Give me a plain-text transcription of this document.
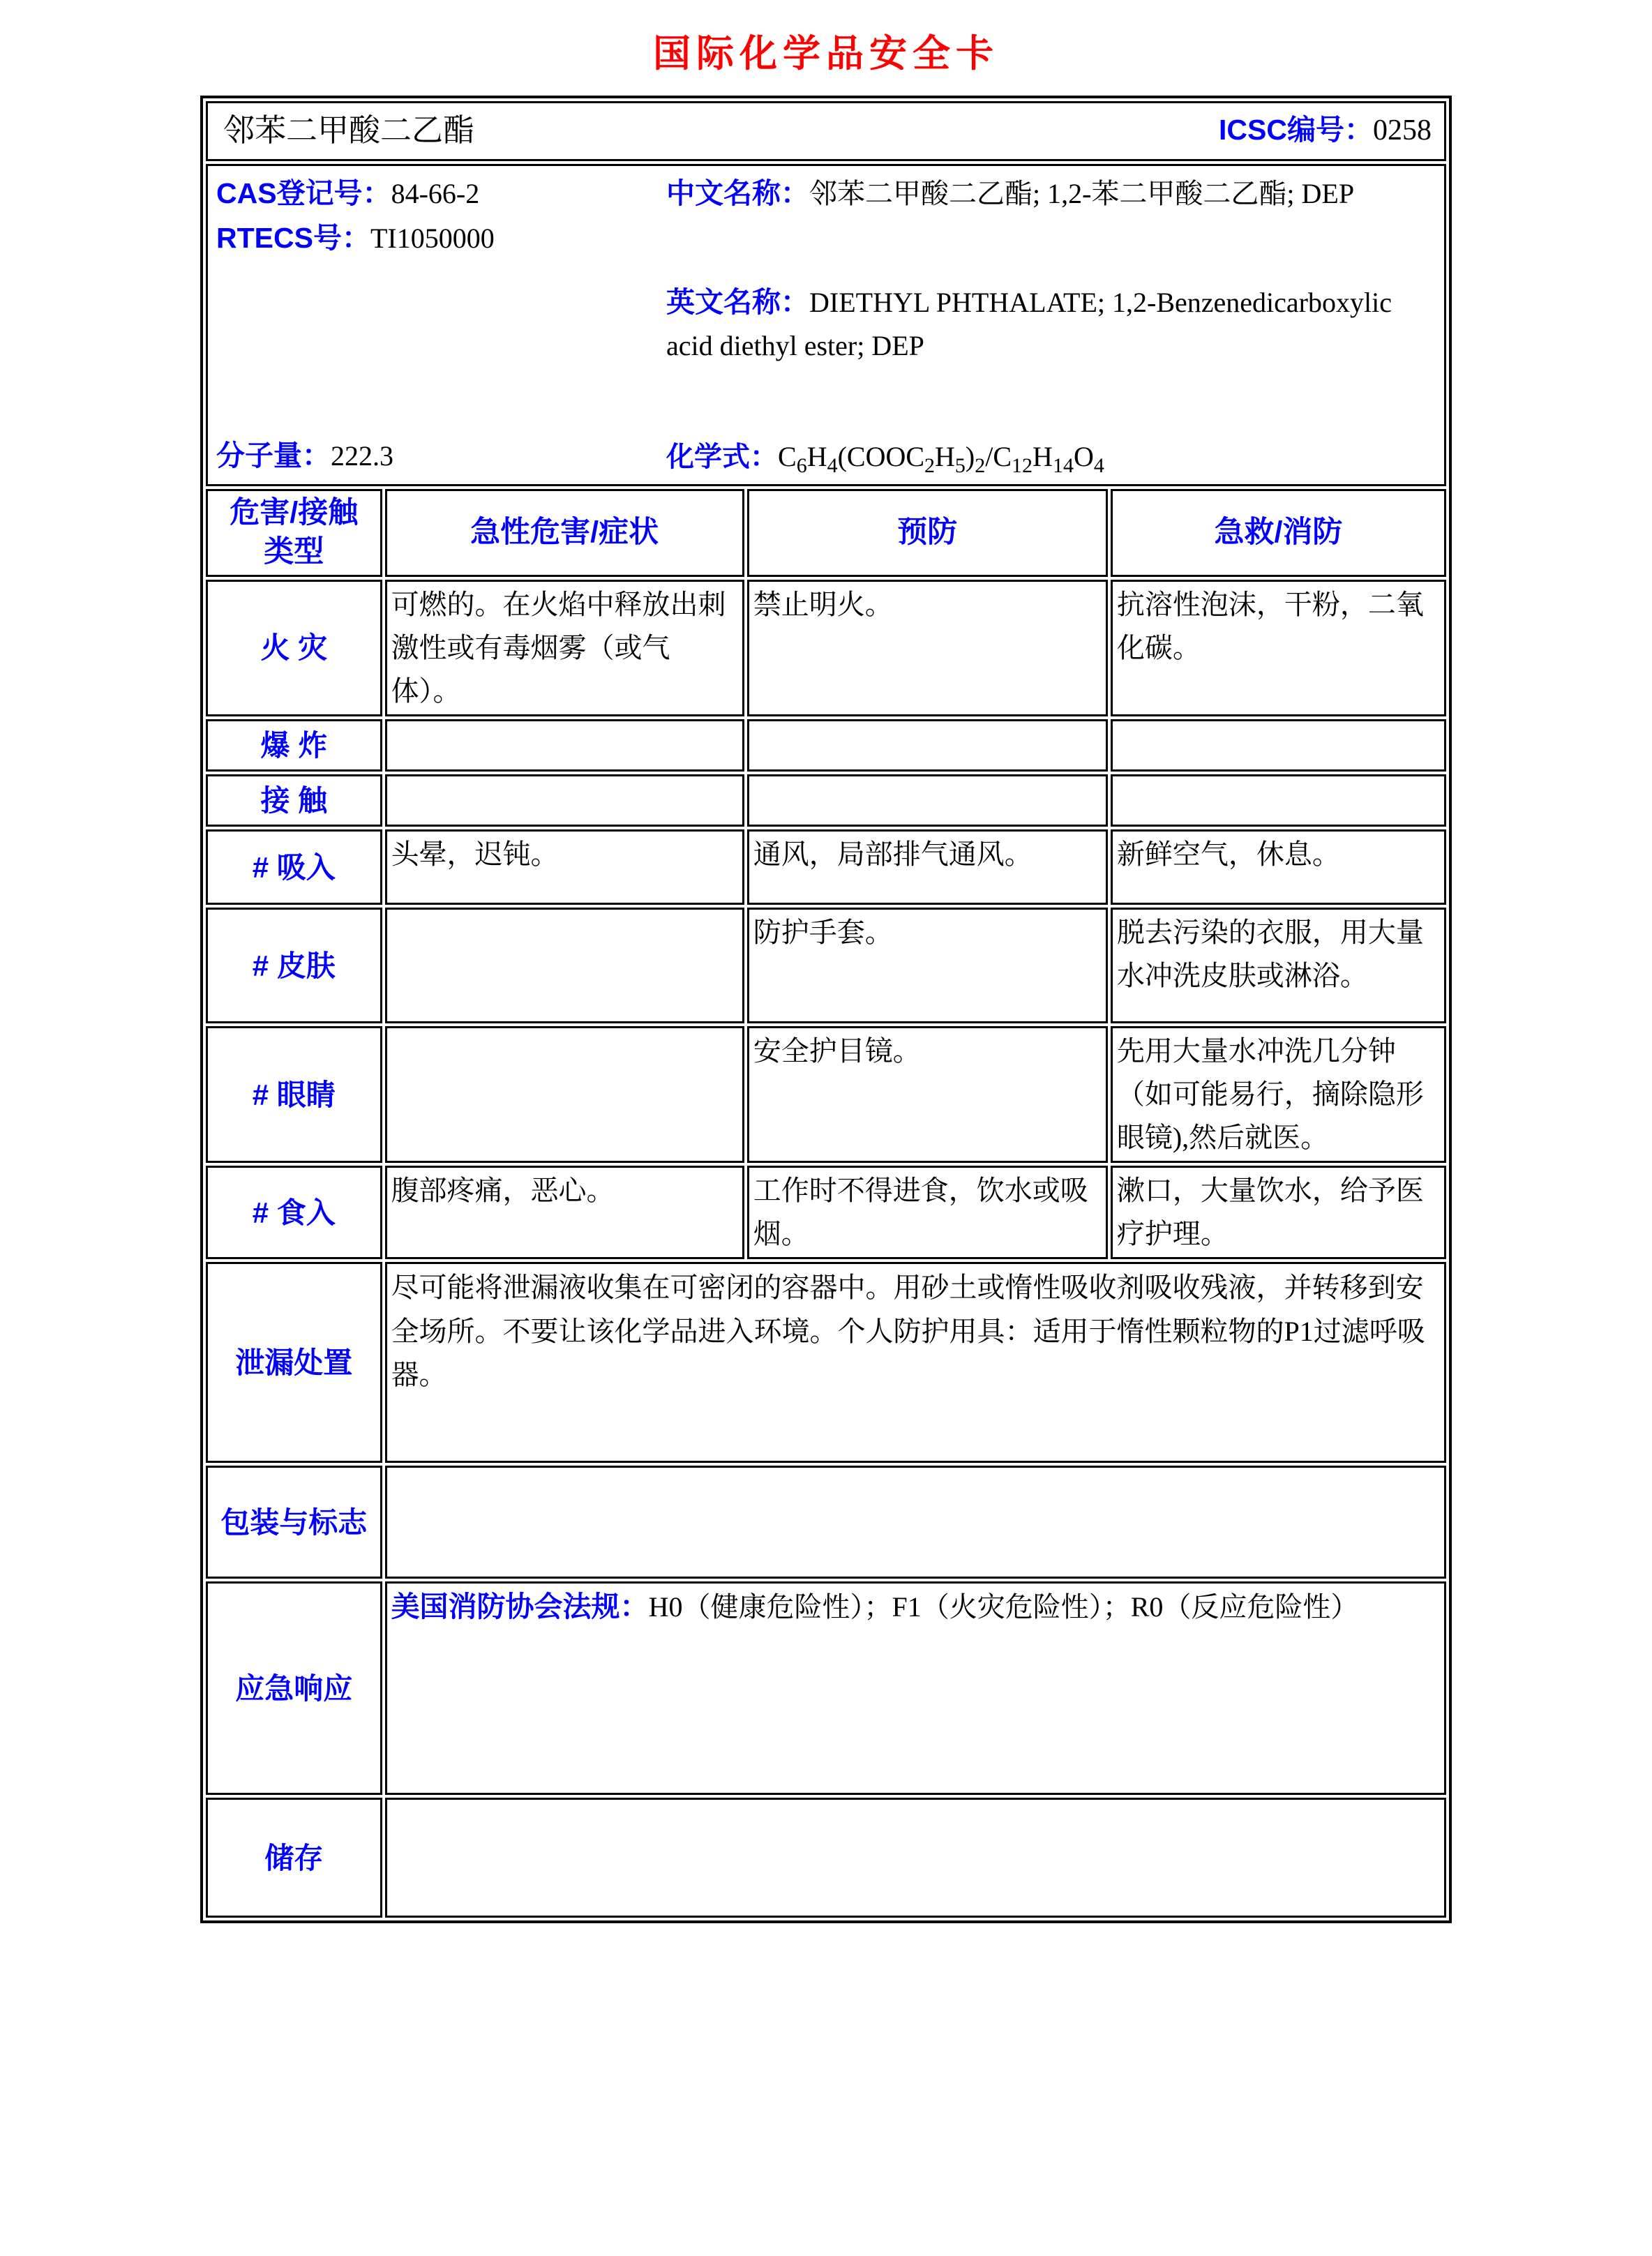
国际化学品安全卡
邻苯二甲酸二乙酯 ICSC编号：0258			

CAS登记号：84-66-2
RTECS号：TI1050000
分子量：222.3
中文名称：邻苯二甲酸二乙酯; 1,2-苯二甲酸二乙酯; DEP
英文名称：DIETHYL PHTHALATE; 1,2-Benzenedicarboxylic acid diethyl ester; DEP
化学式：$C_6H_4(COOC_2H_5)_2/C_{12}H_{14}O_4$

危害/接触 类型	急性危害/症状	预防	急救/消防
火 灾	可燃的。在火焰中释放出刺激性或有毒烟雾（或气体）。	禁止明火。	抗溶性泡沫，干粉，二氧化碳。
爆 炸			
接 触			
# 吸入	头晕，迟钝。	通风，局部排气通风。	新鲜空气，休息。
# 皮肤		防护手套。	脱去污染的衣服，用大量水冲洗皮肤或淋浴。
# 眼睛		安全护目镜。	先用大量水冲洗几分钟（如可能易行，摘除隐形眼镜),然后就医。
# 食入	腹部疼痛，恶心。	工作时不得进食，饮水或吸烟。	漱口，大量饮水，给予医疗护理。
泄漏处置	尽可能将泄漏液收集在可密闭的容器中。用砂土或惰性吸收剂吸收残液，并转移到安全场所。不要让该化学品进入环境。个人防护用具：适用于惰性颗粒物的P1过滤呼吸器。		
包装与标志			
应急响应	美国消防协会法规：H0（健康危险性）；F1（火灾危险性）；R0（反应危险性）		
储存			
